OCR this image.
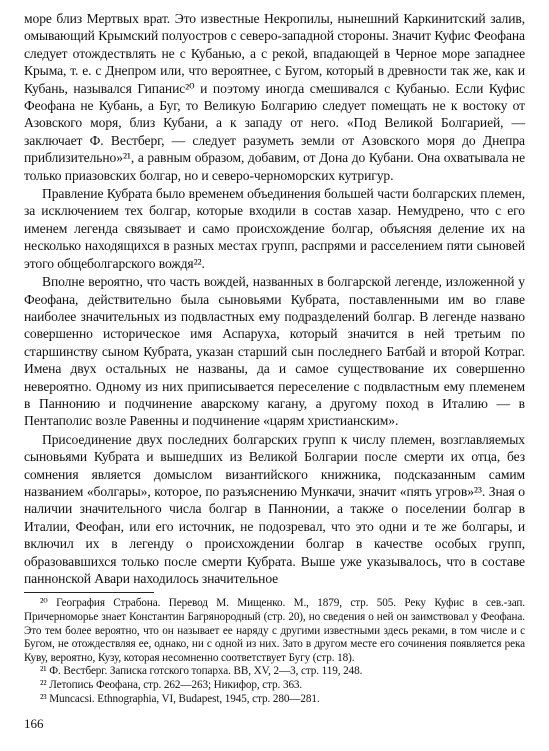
море близ Мертвых врат. Это известные Некропилы, нынешний Каркинитский залив, омывающий Крымский полуостров с северо-западной стороны. Значит Куфис Феофана следует отождествлять не с Кубанью, а с рекой, впадающей в Черное море западнее Крыма, т. е. с Днепром или, что вероятнее, с Бугом, который в древности так же, как и Кубань, назывался Гипанис²⁰ и поэтому иногда смешивался с Кубанью. Если Куфис Феофана не Кубань, а Буг, то Великую Болгарию следует помещать не к востоку от Азовского моря, близ Кубани, а к западу от него. «Под Великой Болгарией, — заключает Ф. Вестберг, — следует разуметь земли от Азовского моря до Днепра приблизительно»²¹, а равным образом, добавим, от Дона до Кубани. Она охватывала не только приазовских болгар, но и северо-черноморских кутригур.

Правление Кубрата было временем объединения большей части болгарских племен, за исключением тех болгар, которые входили в состав хазар. Немудрено, что с его именем легенда связывает и само происхождение болгар, объясняя деление их на несколько находящихся в разных местах групп, распрями и расселением пяти сыновей этого общеболгарского вождя²².

Вполне вероятно, что часть вождей, названных в болгарской легенде, изложенной у Феофана, действительно была сыновьями Кубрата, поставленными им во главе наиболее значительных из подвластных ему подразделений болгар. В легенде названо совершенно историческое имя Аспаруха, который значится в ней третьим по старшинству сыном Кубрата, указан старший сын последнего Батбай и второй Котраг. Имена двух остальных не названы, да и самое существование их совершенно невероятно. Одному из них приписывается переселение с подвластным ему племенем в Паннонию и подчинение аварскому кагану, а другому поход в Италию — в Пентаполис возле Равенны и подчинение «царям христианским».

Присоединение двух последних болгарских групп к числу племен, возглавляемых сыновьями Кубрата и вышедших из Великой Болгарии после смерти их отца, без сомнения является домыслом византийского книжника, подсказанным самим названием «болгары», которое, по разъяснению Мункачи, значит «пять угров»²³. Зная о наличии значительного числа болгар в Паннонии, а также о поселении болгар в Италии, Феофан, или его источник, не подозревал, что это одни и те же болгары, и включил их в легенду о происхождении болгар в качестве особых групп, образовавшихся только после смерти Кубрата. Выше уже указывалось, что в составе паннонской Авари находилось значительное

²⁰ География Страбона. Перевод М. Мищенко. М., 1879, стр. 505. Реку Куфис в сев.-зап. Причерноморье знает Константин Багрянородный (стр. 20), но сведения о ней он заимствовал у Феофана. Это тем более вероятно, что он называет ее наряду с другими известными здесь реками, в том числе и с Бугом, не отождествляя ее, однако, ни с одной из них. Зато в другом месте его сочинения появляется река Куву, вероятно, Кузу, которая несомненно соответствует Бугу (стр. 18).

²¹ Ф. Вестберг. Записка готского топарха. ВВ, XV, 2—3, стр. 119, 248.

²² Летопись Феофана, стр. 262—263; Никифор, стр. 363.

²³ Muncacsi. Ethnographia, VI, Budapest, 1945, стр. 280—281.

166
